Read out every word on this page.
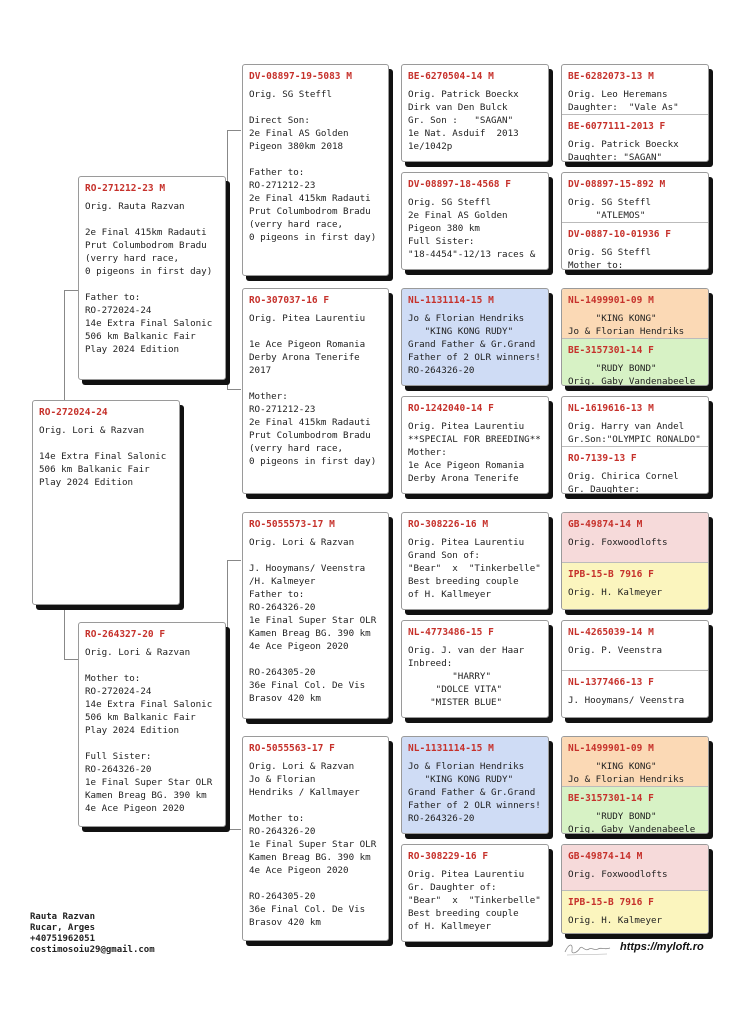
RO-272024-24
Orig. Lori & Razvan

14e Extra Final Salonic
506 km Balkanic Fair
Play 2024 Edition
RO-271212-23 M
Orig. Rauta Razvan

2e Final 415km Radauti
Prut Columbodrom Bradu
(verry hard race,
0 pigeons in first day)

Father to:
RO-272024-24
14e Extra Final Salonic
506 km Balkanic Fair
Play 2024 Edition
RO-264327-20 F
Orig. Lori & Razvan

Mother to:
RO-272024-24
14e Extra Final Salonic
506 km Balkanic Fair
Play 2024 Edition

Full Sister:
RO-264326-20
1e Final Super Star OLR
Kamen Breag BG. 390 km
4e Ace Pigeon 2020
DV-08897-19-5083 M
Orig. SG Steffl

Direct Son:
2e Final AS Golden
Pigeon 380km 2018

Father to:
RO-271212-23
2e Final 415km Radauti
Prut Columbodrom Bradu
(verry hard race,
0 pigeons in first day)
RO-307037-16 F
Orig. Pitea Laurentiu

1e Ace Pigeon Romania
Derby Arona Tenerife
2017

Mother:
RO-271212-23
2e Final 415km Radauti
Prut Columbodrom Bradu
(verry hard race,
0 pigeons in first day)
RO-5055573-17 M
Orig. Lori & Razvan

J. Hooymans/ Veenstra
/H. Kalmeyer
Father to:
RO-264326-20
1e Final Super Star OLR
Kamen Breag BG. 390 km
4e Ace Pigeon 2020

RO-264305-20
36e Final Col. De Vis
Brasov 420 km
RO-5055563-17 F
Orig. Lori & Razvan
Jo & Florian
Hendriks / Kallmayer

Mother to:
RO-264326-20
1e Final Super Star OLR
Kamen Breag BG. 390 km
4e Ace Pigeon 2020

RO-264305-20
36e Final Col. De Vis
Brasov 420 km
BE-6270504-14 M
Orig. Patrick Boeckx
Dirk van Den Bulck
Gr. Son :   "SAGAN"
1e Nat. Asduif  2013
1e/1042p
DV-08897-18-4568 F
Orig. SG Steffl
2e Final AS Golden
Pigeon 380 km
Full Sister:
"18-4454"-12/13 races &
NL-1131114-15 M
Jo & Florian Hendriks
"KING KONG RUDY"
Grand Father & Gr.Grand
Father of 2 OLR winners!
RO-264326-20
RO-1242040-14 F
Orig. Pitea Laurentiu
**SPECIAL FOR BREEDING**
Mother:
1e Ace Pigeon Romania
Derby Arona Tenerife
RO-308226-16 M
Orig. Pitea Laurentiu
Grand Son of:
"Bear"  x  "Tinkerbelle"
Best breeding couple
of H. Kallmeyer
NL-4773486-15 F
Orig. J. van der Haar
Inbreed:
"HARRY"
"DOLCE VITA"
"MISTER BLUE"
NL-1131114-15 M
Jo & Florian Hendriks
"KING KONG RUDY"
Grand Father & Gr.Grand
Father of 2 OLR winners!
RO-264326-20
RO-308229-16 F
Orig. Pitea Laurentiu
Gr. Daughter of:
"Bear"  x  "Tinkerbelle"
Best breeding couple
of H. Kallmeyer
BE-6282073-13 M
Orig. Leo Heremans
Daughter:  "Vale As"
BE-6077111-2013 F
Orig. Patrick Boeckx
Daughter: "SAGAN"
DV-08897-15-892 M
Orig. SG Steffl
"ATLEMOS"
DV-0887-10-01936 F
Orig. SG Steffl
Mother to:
NL-1499901-09 M
"KING KONG"
Jo & Florian Hendriks
BE-3157301-14 F
"RUDY BOND"
Orig. Gaby Vandenabeele
NL-1619616-13 M
Orig. Harry van Andel
Gr.Son:"OLYMPIC RONALDO"
RO-7139-13 F
Orig. Chirica Cornel
Gr. Daughter:
GB-49874-14 M
Orig. Foxwoodlofts
IPB-15-B 7916 F
Orig. H. Kalmeyer
NL-4265039-14 M
Orig. P. Veenstra
NL-1377466-13 F
J. Hooymans/ Veenstra
NL-1499901-09 M
"KING KONG"
Jo & Florian Hendriks
BE-3157301-14 F
"RUDY BOND"
Orig. Gaby Vandenabeele
GB-49874-14 M
Orig. Foxwoodlofts
IPB-15-B 7916 F
Orig. H. Kalmeyer
Rauta Razvan
Rucar, Arges
+40751962051
costimosoiu29@gmail.com	https://myloft.ro
